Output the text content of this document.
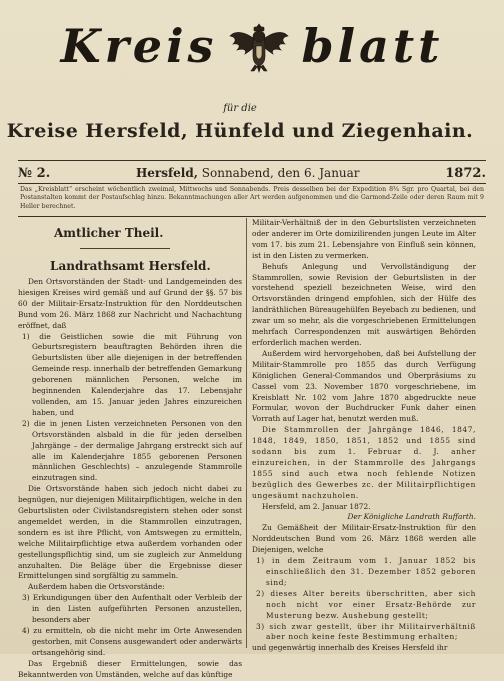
Kreis blatt
für die
Kreise Hersfeld, Hünfeld und Ziegenhain.
№ 2.	Hersfeld, Sonnabend, den 6. Januar	1872.
Das „Kreisblatt“ erscheint wöchentlich zweimal, Mittwochs und Sonnabends. Preis desselben bei der Expedition 8¾ Sgr. pro Quartal, bei den Postanstalten kommt der Postaufschlag hinzu. Bekanntmachungen aller Art werden aufgenommen und die Garmond-Zeile oder deren Raum mit 9 Heller berechnet.
Amtlicher Theil.
Landrathsamt Hersfeld.

Den Ortsvorständen der Stadt- und Landgemeinden des hiesigen Kreises wird gemäß und auf Grund der §§. 57 bis 60 der Militair-Ersatz-Instruktion für den Norddeutschen Bund vom 26. März 1868 zur Nachricht und Nachachtung eröffnet, daß

1) die Geistlichen sowie die mit Führung von Geburtsregistern beauftragten Behörden ihren die Geburtslisten über alle diejenigen in der betreffenden Gemeinde resp. innerhalb der betreffenden Gemarkung geborenen männlichen Personen, welche im beginnenden Kalenderjahre das 17. Lebensjahr vollenden, am 15. Januar jeden Jahres einzureichen haben, und

2) die in jenen Listen verzeichneten Personen von den Ortsvorständen alsbald in die für jeden derselben Jahrgänge – der dermalige Jahrgang erstreckt sich auf alle im Kalenderjahre 1855 geborenen Personen männlichen Geschlechts) – anzulegende Stammrolle einzutragen sind.

Die Ortsvorstände haben sich jedoch nicht dabei zu begnügen, nur diejenigen Militairpflichtigen, welche in den Geburtslisten oder Civilstandsregistern stehen oder sonst angemeldet werden, in die Stammrollen einzutragen, sondern es ist ihre Pflicht, von Amtswegen zu ermitteln, welche Militairpflichtige etwa außerdem vorhanden oder gestellungspflichtig sind, um sie zugleich zur Anmeldung anzuhalten. Die Beläge über die Ergebnisse dieser Ermittelungen sind sorgfältig zu sammeln.

Außerdem haben die Ortsvorstände:

3) Erkundigungen über den Aufenthalt oder Verbleib der in den Listen aufgeführten Personen anzustellen, besonders aber

4) zu ermitteln, ob die nicht mehr im Orte Anwesenden gestorben, mit Consens ausgewandert oder anderwärts ortsangehörig sind.

Das Ergebniß dieser Ermittelungen, sowie das Bekanntwerden von Umständen, welche auf das künftige

Militair-Verhältniß der in den Geburtslisten verzeichneten oder anderer im Orte domizilirenden jungen Leute im Alter vom 17. bis zum 21. Lebensjahre von Einfluß sein können, ist in den Listen zu vermerken.

Behufs Anlegung und Vervollständigung der Stammrollen, sowie Revision der Geburtslisten in der vorstehend speziell bezeichneten Weise, wird den Ortsvorständen dringend empfohlen, sich der Hülfe des landräthlichen Büreaugehülfen Beyebach zu bedienen, und zwar um so mehr, als die vorgeschriebenen Ermittelungen mehrfach Correspondenzen mit auswärtigen Behörden erforderlich machen werden.

Außerdem wird hervorgehoben, daß bei Aufstellung der Militair-Stammrolle pro 1855 das durch Verfügung Königlichen General-Commandos und Oberpräsiums zu Cassel vom 23. November 1870 vorgeschriebene, im Kreisblatt Nr. 102 vom Jahre 1870 abgedruckte neue Formular, wovon der Buchdrucker Funk daher einen Vorrath auf Lager hat, benutzt werden muß.

Die Stammrollen der Jahrgänge 1846, 1847, 1848, 1849, 1850, 1851, 1852 und 1855 sind sodann bis zum 1. Februar d. J. anher einzureichen, in der Stammrolle des Jahrgangs 1855 sind auch etwa noch fehlende Notizen bezüglich des Gewerbes zc. der Militairpflichtigen ungesäumt nachzuholen.

Hersfeld, am 2. Januar 1872.

Der Königliche Landrath Ruffarth.

Zu Gemäßheit der Militair-Ersatz-Instruktion für den Norddeutschen Bund vom 26. März 1868 werden alle Diejenigen, welche

1) in dem Zeitraum vom 1. Januar 1852 bis einschließlich den 31. Dezember 1852 geboren sind;

2) dieses Alter bereits überschritten, aber sich noch nicht vor einer Ersatz-Behörde zur Musterung bezw. Aushebung gestellt;

3) sich zwar gestellt, über ihr Militairverhältniß aber noch keine feste Bestimmung erhalten;

und gegenwärtig innerhalb des Kreises Hersfeld ihr
